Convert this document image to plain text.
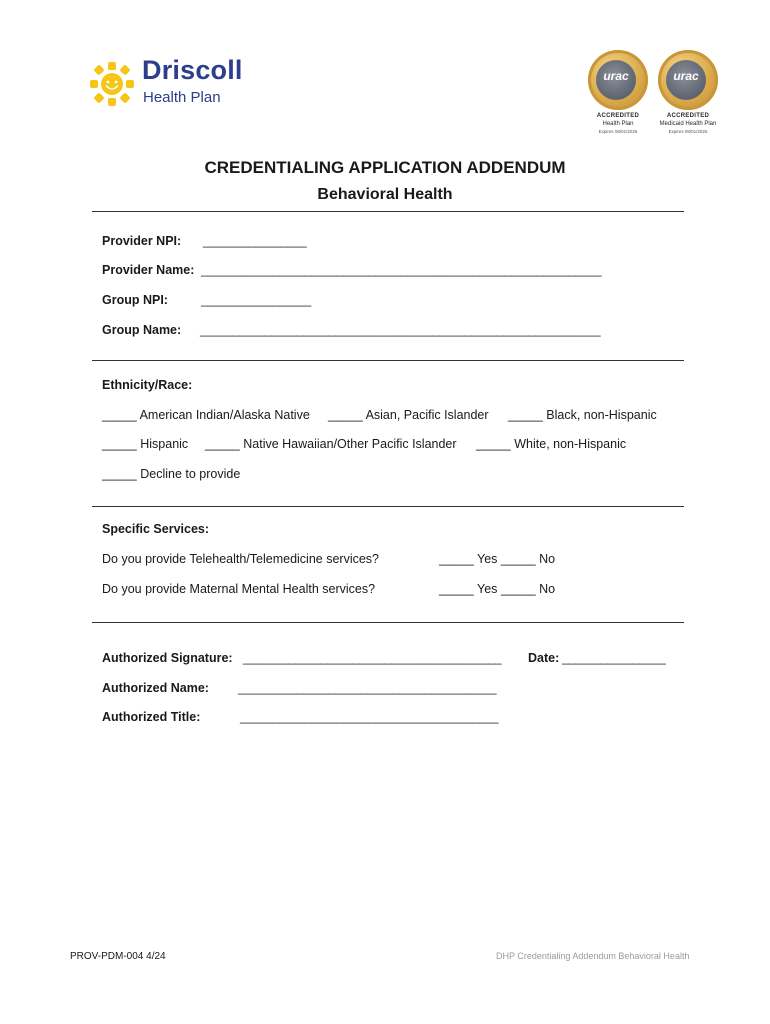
Driscoll
Health Plan
urac
ACCREDITED
Health Plan
Expires 08/01/2026
urac
ACCREDITED
Medicaid Health Plan
Expires 08/01/2026
CREDENTIALING APPLICATION ADDENDUM
Behavioral Health
Provider NPI: ________________
Provider Name: ______________________________________________________________
Group NPI:	_________________
Group Name: ______________________________________________________________
Ethnicity/Race:
_____ American Indian/Alaska Native _____ Asian, Pacific Islander _____ Black, non-Hispanic
_____ Hispanic _____ Native Hawaiian/Other Pacific Islander _____ White, non-Hispanic
_____ Decline to provide
Specific Services:
Do you provide Telehealth/Telemedicine services?	_____ Yes _____ No
Do you provide Maternal Mental Health services?	_____ Yes _____ No
Authorized Signature: ________________________________________ Date: ________________
Authorized Name: ________________________________________
Authorized Title:	________________________________________
PROV-PDM-004 4/24	DHP Credentialing Addendum Behavioral Health
